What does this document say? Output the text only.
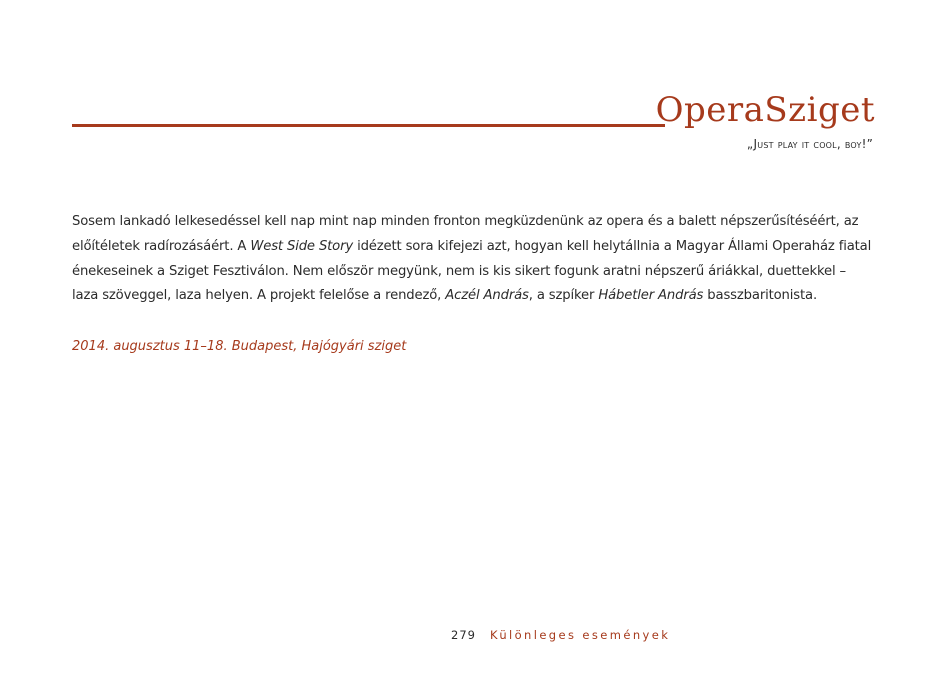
OperaSziget
„Just play it cool, boy!”

Sosem lankadó lelkesedéssel kell nap mint nap minden fronton megküzdenünk az opera és a balett népszerűsítéséért, az előítéletek radírozásáért. A West Side Story idézett sora kifejezi azt, hogyan kell helytállnia a Magyar Állami Operaház fiatal énekeseinek a Sziget Fesztiválon. Nem először megyünk, nem is kis sikert fogunk aratni népszerű áriákkal, duettekkel – laza szöveggel, laza helyen. A projekt felelőse a rendező, Aczél András, a szpíker Hábetler András basszbaritonista.

2014. augusztus 11–18. Budapest, Hajógyári sziget
279 Különleges események
